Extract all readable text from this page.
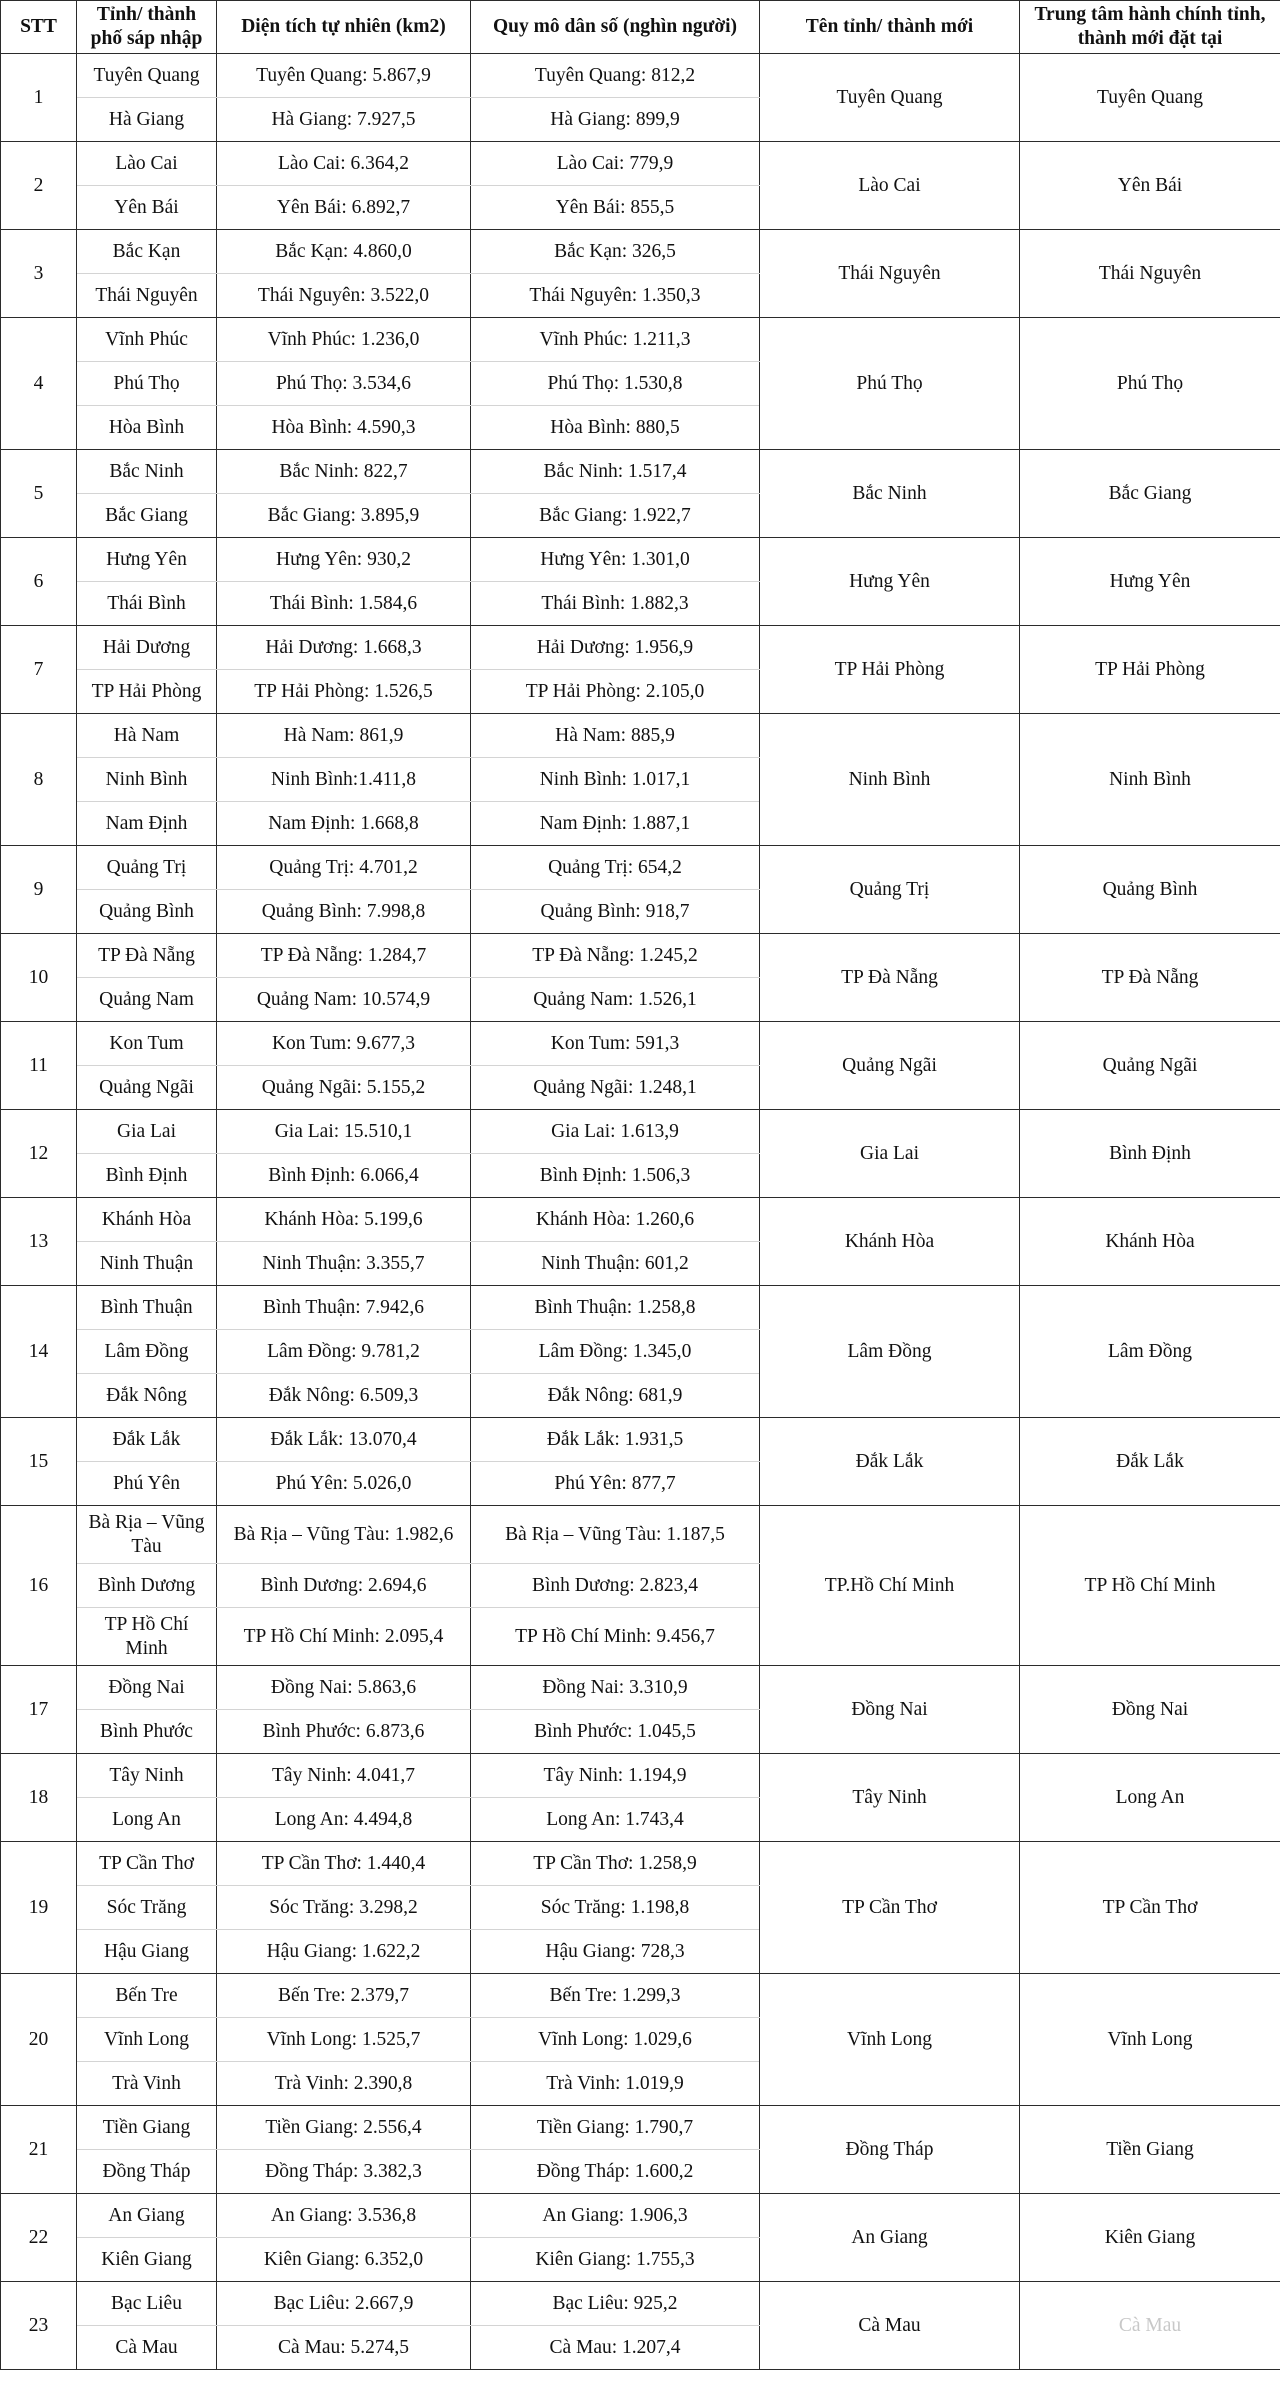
STT	Tỉnh/ thành phố sáp nhập	Diện tích tự nhiên (km2)	Quy mô dân số (nghìn người)	Tên tỉnh/ thành mới	Trung tâm hành chính tỉnh, thành mới đặt tại
1	Tuyên Quang	Tuyên Quang: 5.867,9	Tuyên Quang: 812,2	Tuyên Quang	Tuyên Quang
	Hà Giang	Hà Giang: 7.927,5	Hà Giang: 899,9		
2	Lào Cai	Lào Cai: 6.364,2	Lào Cai: 779,9	Lào Cai	Yên Bái
	Yên Bái	Yên Bái: 6.892,7	Yên Bái: 855,5		
3	Bắc Kạn	Bắc Kạn: 4.860,0	Bắc Kạn: 326,5	Thái Nguyên	Thái Nguyên
	Thái Nguyên	Thái Nguyên: 3.522,0	Thái Nguyên: 1.350,3		
4	Vĩnh Phúc	Vĩnh Phúc: 1.236,0	Vĩnh Phúc: 1.211,3	Phú Thọ	Phú Thọ
	Phú Thọ	Phú Thọ: 3.534,6	Phú Thọ: 1.530,8		
	Hòa Bình	Hòa Bình: 4.590,3	Hòa Bình: 880,5		
5	Bắc Ninh	Bắc Ninh: 822,7	Bắc Ninh: 1.517,4	Bắc Ninh	Bắc Giang
	Bắc Giang	Bắc Giang: 3.895,9	Bắc Giang: 1.922,7		
6	Hưng Yên	Hưng Yên: 930,2	Hưng Yên: 1.301,0	Hưng Yên	Hưng Yên
	Thái Bình	Thái Bình: 1.584,6	Thái Bình: 1.882,3		
7	Hải Dương	Hải Dương: 1.668,3	Hải Dương: 1.956,9	TP Hải Phòng	TP Hải Phòng
	TP Hải Phòng	TP Hải Phòng: 1.526,5	TP Hải Phòng: 2.105,0		
8	Hà Nam	Hà Nam: 861,9	Hà Nam: 885,9	Ninh Bình	Ninh Bình
	Ninh Bình	Ninh Bình:1.411,8	Ninh Bình: 1.017,1		
	Nam Định	Nam Định: 1.668,8	Nam Định: 1.887,1		
9	Quảng Trị	Quảng Trị: 4.701,2	Quảng Trị: 654,2	Quảng Trị	Quảng Bình
	Quảng Bình	Quảng Bình: 7.998,8	Quảng Bình: 918,7		
10	TP Đà Nẵng	TP Đà Nẵng: 1.284,7	TP Đà Nẵng: 1.245,2	TP Đà Nẵng	TP Đà Nẵng
	Quảng Nam	Quảng Nam: 10.574,9	Quảng Nam: 1.526,1		
11	Kon Tum	Kon Tum: 9.677,3	Kon Tum: 591,3	Quảng Ngãi	Quảng Ngãi
	Quảng Ngãi	Quảng Ngãi: 5.155,2	Quảng Ngãi: 1.248,1		
12	Gia Lai	Gia Lai: 15.510,1	Gia Lai: 1.613,9	Gia Lai	Bình Định
	Bình Định	Bình Định: 6.066,4	Bình Định: 1.506,3		
13	Khánh Hòa	Khánh Hòa: 5.199,6	Khánh Hòa: 1.260,6	Khánh Hòa	Khánh Hòa
	Ninh Thuận	Ninh Thuận: 3.355,7	Ninh Thuận: 601,2		
14	Bình Thuận	Bình Thuận: 7.942,6	Bình Thuận: 1.258,8	Lâm Đồng	Lâm Đồng
	Lâm Đồng	Lâm Đồng: 9.781,2	Lâm Đồng: 1.345,0		
	Đắk Nông	Đắk Nông: 6.509,3	Đắk Nông: 681,9		
15	Đắk Lắk	Đắk Lắk: 13.070,4	Đắk Lắk: 1.931,5	Đắk Lắk	Đắk Lắk
	Phú Yên	Phú Yên: 5.026,0	Phú Yên: 877,7		
16	Bà Rịa – Vũng Tàu	Bà Rịa – Vũng Tàu: 1.982,6	Bà Rịa – Vũng Tàu: 1.187,5	TP.Hồ Chí Minh	TP Hồ Chí Minh
	Bình Dương	Bình Dương: 2.694,6	Bình Dương: 2.823,4		
	TP Hồ Chí Minh	TP Hồ Chí Minh: 2.095,4	TP Hồ Chí Minh: 9.456,7		
17	Đồng Nai	Đồng Nai: 5.863,6	Đồng Nai: 3.310,9	Đồng Nai	Đồng Nai
	Bình Phước	Bình Phước: 6.873,6	Bình Phước: 1.045,5		
18	Tây Ninh	Tây Ninh: 4.041,7	Tây Ninh: 1.194,9	Tây Ninh	Long An
	Long An	Long An: 4.494,8	Long An: 1.743,4		
19	TP Cần Thơ	TP Cần Thơ: 1.440,4	TP Cần Thơ: 1.258,9	TP Cần Thơ	TP Cần Thơ
	Sóc Trăng	Sóc Trăng: 3.298,2	Sóc Trăng: 1.198,8		
	Hậu Giang	Hậu Giang: 1.622,2	Hậu Giang: 728,3		
20	Bến Tre	Bến Tre: 2.379,7	Bến Tre: 1.299,3	Vĩnh Long	Vĩnh Long
	Vĩnh Long	Vĩnh Long: 1.525,7	Vĩnh Long: 1.029,6		
	Trà Vinh	Trà Vinh: 2.390,8	Trà Vinh: 1.019,9		
21	Tiền Giang	Tiền Giang: 2.556,4	Tiền Giang: 1.790,7	Đồng Tháp	Tiền Giang
	Đồng Tháp	Đồng Tháp: 3.382,3	Đồng Tháp: 1.600,2		
22	An Giang	An Giang: 3.536,8	An Giang: 1.906,3	An Giang	Kiên Giang
	Kiên Giang	Kiên Giang: 6.352,0	Kiên Giang: 1.755,3		
23	Bạc Liêu	Bạc Liêu: 2.667,9	Bạc Liêu: 925,2	Cà Mau	Cà Mau
	Cà Mau	Cà Mau: 5.274,5	Cà Mau: 1.207,4		
